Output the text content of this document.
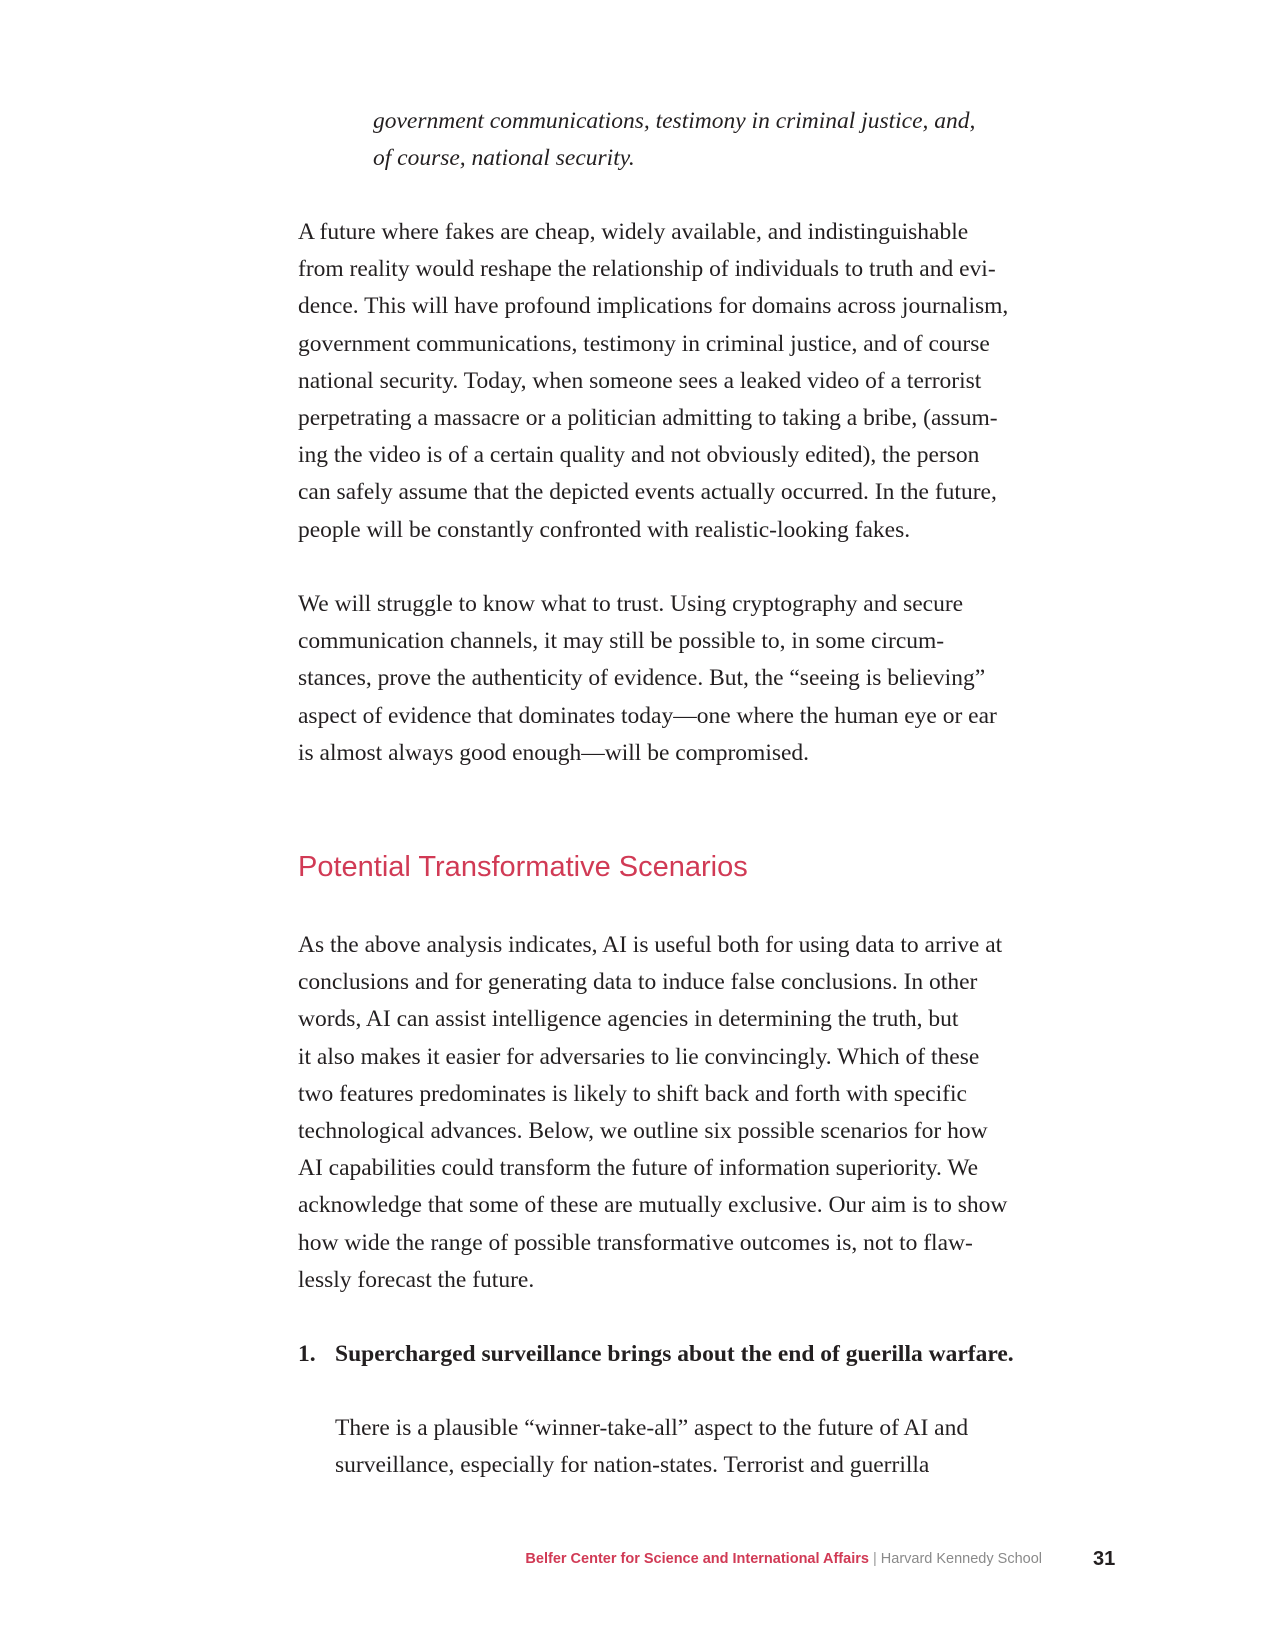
government communications, testimony in criminal justice, and,
of course, national security.
A future where fakes are cheap, widely available, and indistinguishable
from reality would reshape the relationship of individuals to truth and evi-
dence. This will have profound implications for domains across journalism,
government communications, testimony in criminal justice, and of course
national security. Today, when someone sees a leaked video of a terrorist
perpetrating a massacre or a politician admitting to taking a bribe, (assum-
ing the video is of a certain quality and not obviously edited), the person
can safely assume that the depicted events actually occurred. In the future,
people will be constantly confronted with realistic-looking fakes.
We will struggle to know what to trust. Using cryptography and secure
communication channels, it may still be possible to, in some circum-
stances, prove the authenticity of evidence. But, the “seeing is believing”
aspect of evidence that dominates today—one where the human eye or ear
is almost always good enough—will be compromised.
Potential Transformative Scenarios
As the above analysis indicates, AI is useful both for using data to arrive at
conclusions and for generating data to induce false conclusions. In other
words, AI can assist intelligence agencies in determining the truth, but
it also makes it easier for adversaries to lie convincingly. Which of these
two features predominates is likely to shift back and forth with specific
technological advances. Below, we outline six possible scenarios for how
AI capabilities could transform the future of information superiority. We
acknowledge that some of these are mutually exclusive. Our aim is to show
how wide the range of possible transformative outcomes is, not to flaw-
lessly forecast the future.
1. Supercharged surveillance brings about the end of guerilla warfare.
There is a plausible “winner-take-all” aspect to the future of AI and
surveillance, especially for nation-states. Terrorist and guerrilla
Belfer Center for Science and International Affairs | Harvard Kennedy School	31
